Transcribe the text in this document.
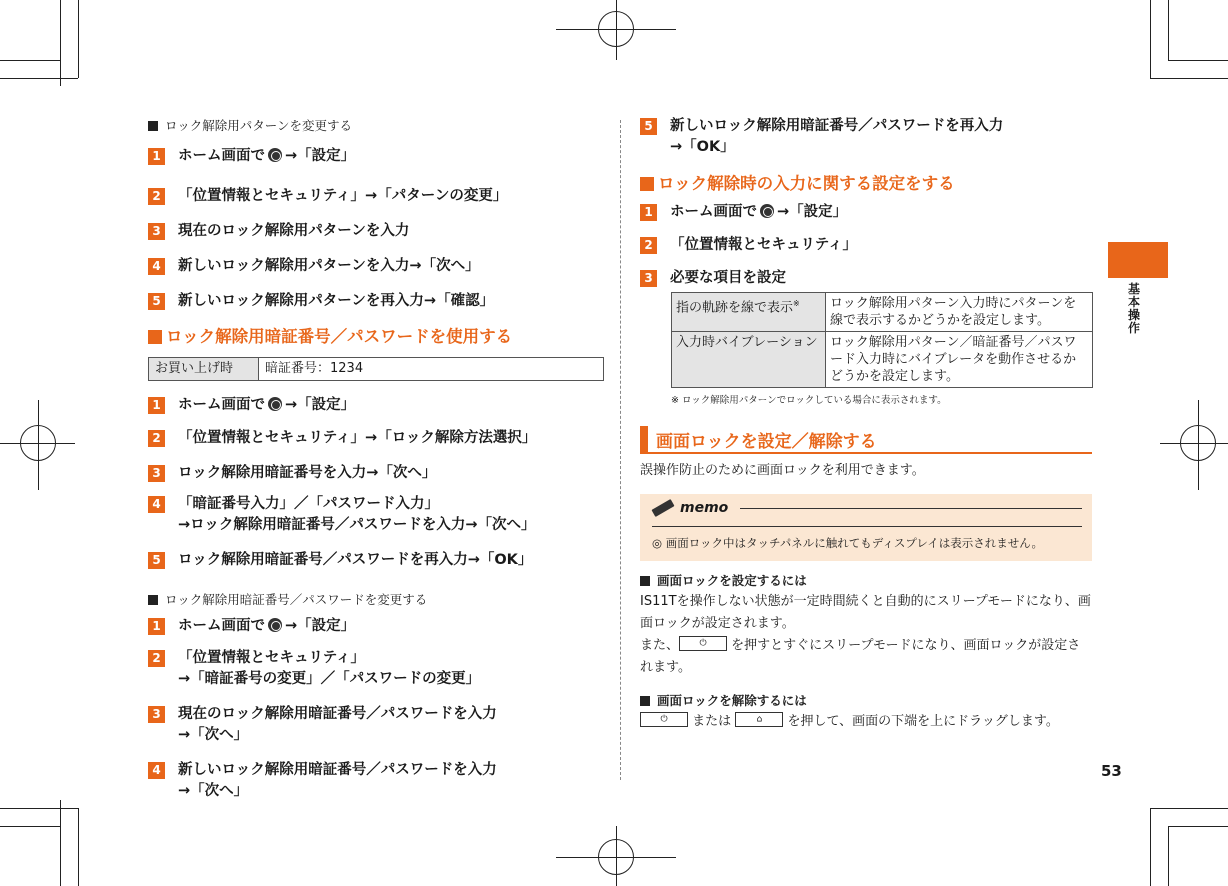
ロック解除用パターンを変更する
1 ホーム画面で →「設定」
2 「位置情報とセキュリティ」→「パターンの変更」
3 現在のロック解除用パターンを入力
4 新しいロック解除用パターンを入力→「次へ」
5 新しいロック解除用パターンを再入力→「確認」
ロック解除用暗証番号／パスワードを使用する
お買い上げ時	暗証番号：1234
1 ホーム画面で →「設定」
2 「位置情報とセキュリティ」→「ロック解除方法選択」
3 ロック解除用暗証番号を入力→「次へ」
4 「暗証番号入力」／「パスワード入力」
→ロック解除用暗証番号／パスワードを入力→「次へ」
5 ロック解除用暗証番号／パスワードを再入力→「OK」
ロック解除用暗証番号／パスワードを変更する
1 ホーム画面で →「設定」
2 「位置情報とセキュリティ」
→「暗証番号の変更」／「パスワードの変更」
3 現在のロック解除用暗証番号／パスワードを入力
→「次へ」
4 新しいロック解除用暗証番号／パスワードを入力
→「次へ」
5 新しいロック解除用暗証番号／パスワードを再入力
→「OK」
ロック解除時の入力に関する設定をする
1 ホーム画面で →「設定」
2 「位置情報とセキュリティ」
3 必要な項目を設定
指の軌跡を線で表示※	ロック解除用パターン入力時にパターンを線で表示するかどうかを設定します。
入力時バイブレーション	ロック解除用パターン／暗証番号／パスワード入力時にバイブレータを動作させるかどうかを設定します。
※ ロック解除用パターンでロックしている場合に表示されます。
画面ロックを設定／解除する
誤操作防止のために画面ロックを利用できます。
memo
◎ 画面ロック中はタッチパネルに触れてもディスプレイは表示されません。
画面ロックを設定するには
IS11Tを操作しない状態が一定時間続くと自動的にスリープモードになり、画面ロックが設定されます。
また、 ⏻ を押すとすぐにスリープモードになり、画面ロックが設定されます。
画面ロックを解除するには
⏻ または	⌂ を押して、画面の下端を上にドラッグします。
基本操作
53
